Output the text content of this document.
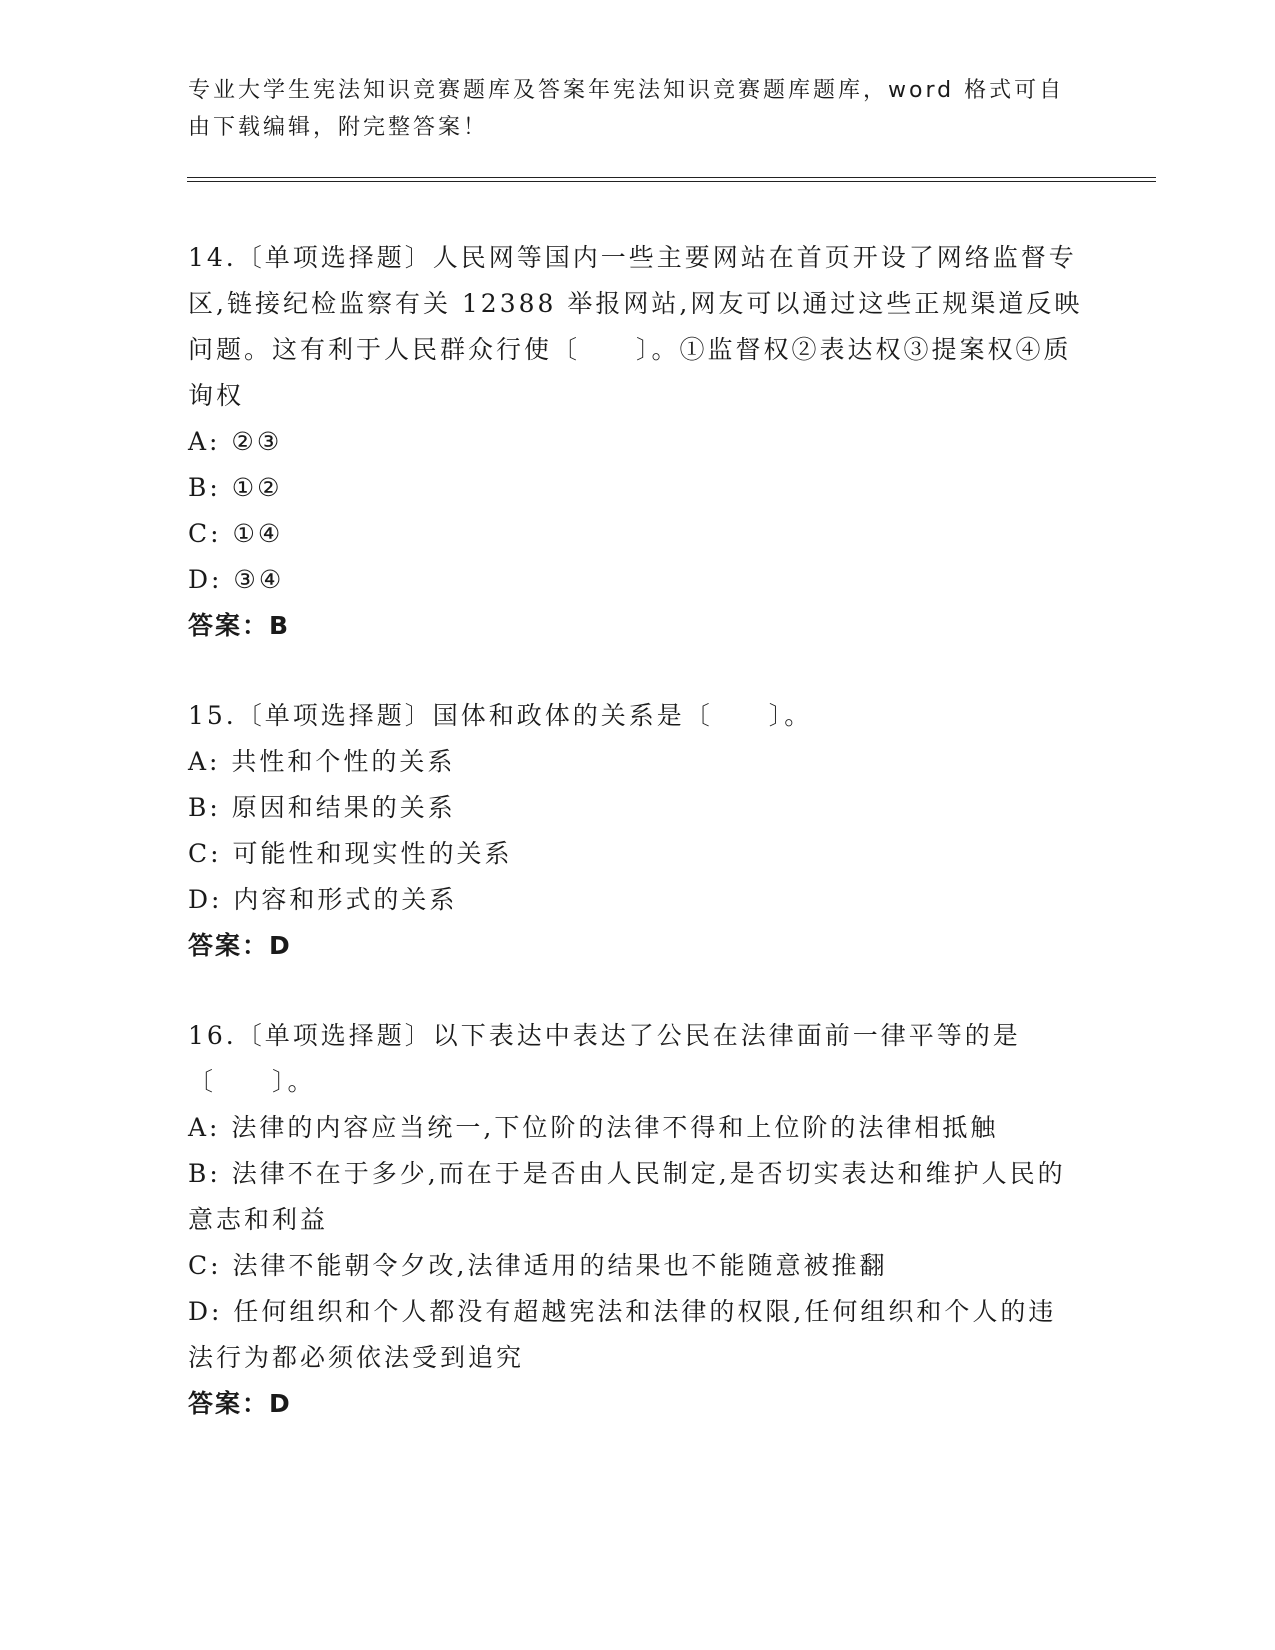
专业大学生宪法知识竞赛题库及答案年宪法知识竞赛题库题库，word 格式可自由下载编辑，附完整答案！

14.〔单项选择题〕人民网等国内一些主要网站在首页开设了网络监督专区,链接纪检监察有关 12388 举报网站,网友可以通过这些正规渠道反映问题。这有利于人民群众行使〔　　〕。①监督权②表达权③提案权④质询权

A: ②③

B: ①②

C: ①④

D: ③④

答案：B

15.〔单项选择题〕国体和政体的关系是〔　　〕。

A: 共性和个性的关系

B: 原因和结果的关系

C: 可能性和现实性的关系

D: 内容和形式的关系

答案：D

16.〔单项选择题〕以下表达中表达了公民在法律面前一律平等的是〔　　〕。

A: 法律的内容应当统一,下位阶的法律不得和上位阶的法律相抵触

B: 法律不在于多少,而在于是否由人民制定,是否切实表达和维护人民的意志和利益

C: 法律不能朝令夕改,法律适用的结果也不能随意被推翻

D: 任何组织和个人都没有超越宪法和法律的权限,任何组织和个人的违法行为都必须依法受到追究

答案：D
